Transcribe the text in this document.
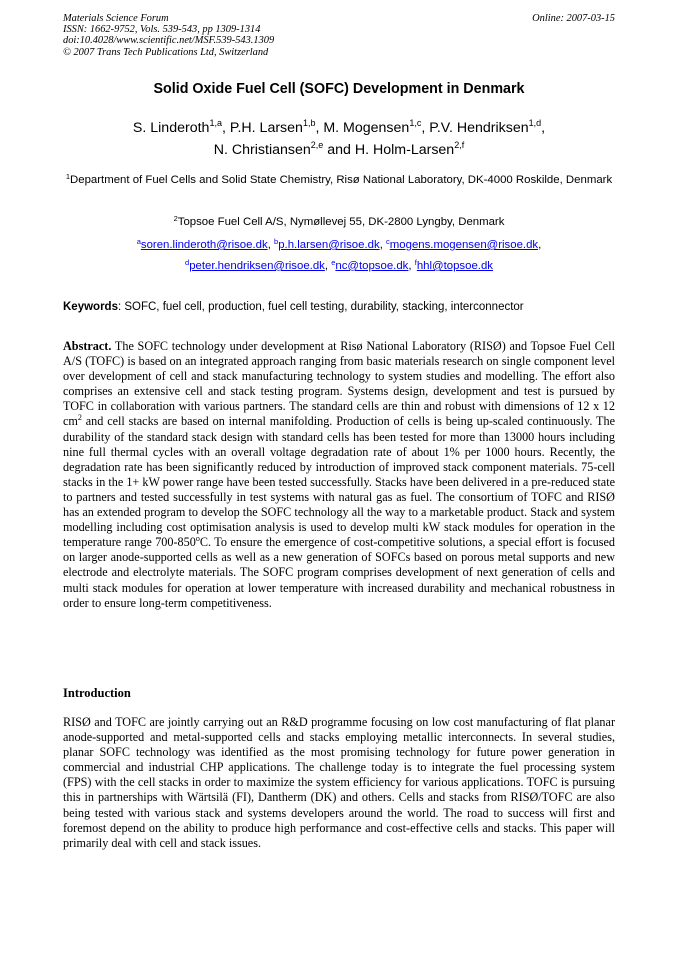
Materials Science Forum
ISSN: 1662-9752, Vols. 539-543, pp 1309-1314
doi:10.4028/www.scientific.net/MSF.539-543.1309
© 2007 Trans Tech Publications Ltd, Switzerland
Online: 2007-03-15
Solid Oxide Fuel Cell (SOFC) Development in Denmark
S. Linderoth$^{1,a}$, P.H. Larsen$^{1,b}$, M. Mogensen$^{1,c}$, P.V. Hendriksen$^{1,d}$,
N. Christiansen$^{2,e}$ and H. Holm-Larsen$^{2,f}$
$^1$Department of Fuel Cells and Solid State Chemistry, Risø National Laboratory, DK-4000 Roskilde, Denmark
$^2$Topsoe Fuel Cell A/S, Nymøllevej 55, DK-2800 Lyngby, Denmark
$^a$soren.linderoth@risoe.dk, $^b$p.h.larsen@risoe.dk, $^c$mogens.mogensen@risoe.dk,
$^d$peter.hendriksen@risoe.dk, $^e$nc@topsoe.dk, $^f$hhl@topsoe.dk
Keywords: SOFC, fuel cell, production, fuel cell testing, durability, stacking, interconnector
Abstract. The SOFC technology under development at Risø National Laboratory (RISØ) and Topsoe Fuel Cell A/S (TOFC) is based on an integrated approach ranging from basic materials research on single component level over development of cell and stack manufacturing technology to system studies and modelling. The effort also comprises an extensive cell and stack testing program. Systems design, development and test is pursued by TOFC in collaboration with various partners. The standard cells are thin and robust with dimensions of 12 x 12 $cm^2$ and cell stacks are based on internal manifolding. Production of cells is being up-scaled continuously. The durability of the standard stack design with standard cells has been tested for more than 13000 hours including nine full thermal cycles with an overall voltage degradation rate of about 1% per 1000 hours. Recently, the degradation rate has been significantly reduced by introduction of improved stack component materials. 75-cell stacks in the 1+ kW power range have been tested successfully. Stacks have been delivered in a pre-reduced state to partners and tested successfully in test systems with natural gas as fuel. The consortium of TOFC and RISØ has an extended program to develop the SOFC technology all the way to a marketable product. Stack and system modelling including cost optimisation analysis is used to develop multi kW stack modules for operation in the temperature range 700-850$^o$C. To ensure the emergence of cost-competitive solutions, a special effort is focused on larger anode-supported cells as well as a new generation of SOFCs based on porous metal supports and new electrode and electrolyte materials. The SOFC program comprises development of next generation of cells and multi stack modules for operation at lower temperature with increased durability and mechanical robustness in order to ensure long-term competitiveness.
Introduction
RISØ and TOFC are jointly carrying out an R&D programme focusing on low cost manufacturing of flat planar anode-supported and metal-supported cells and stacks employing metallic interconnects. In several studies, planar SOFC technology was identified as the most promising technology for future power generation in commercial and industrial CHP applications. The challenge today is to integrate the fuel processing system (FPS) with the cell stacks in order to maximize the system efficiency for various applications. TOFC is pursuing this in partnerships with Wärtsilä (FI), Dantherm (DK) and others. Cells and stacks from RISØ/TOFC are also being tested with various stack and systems developers around the world. The road to success will first and foremost depend on the ability to produce high performance and cost-effective cells and stacks. This paper will primarily deal with cell and stack issues.
